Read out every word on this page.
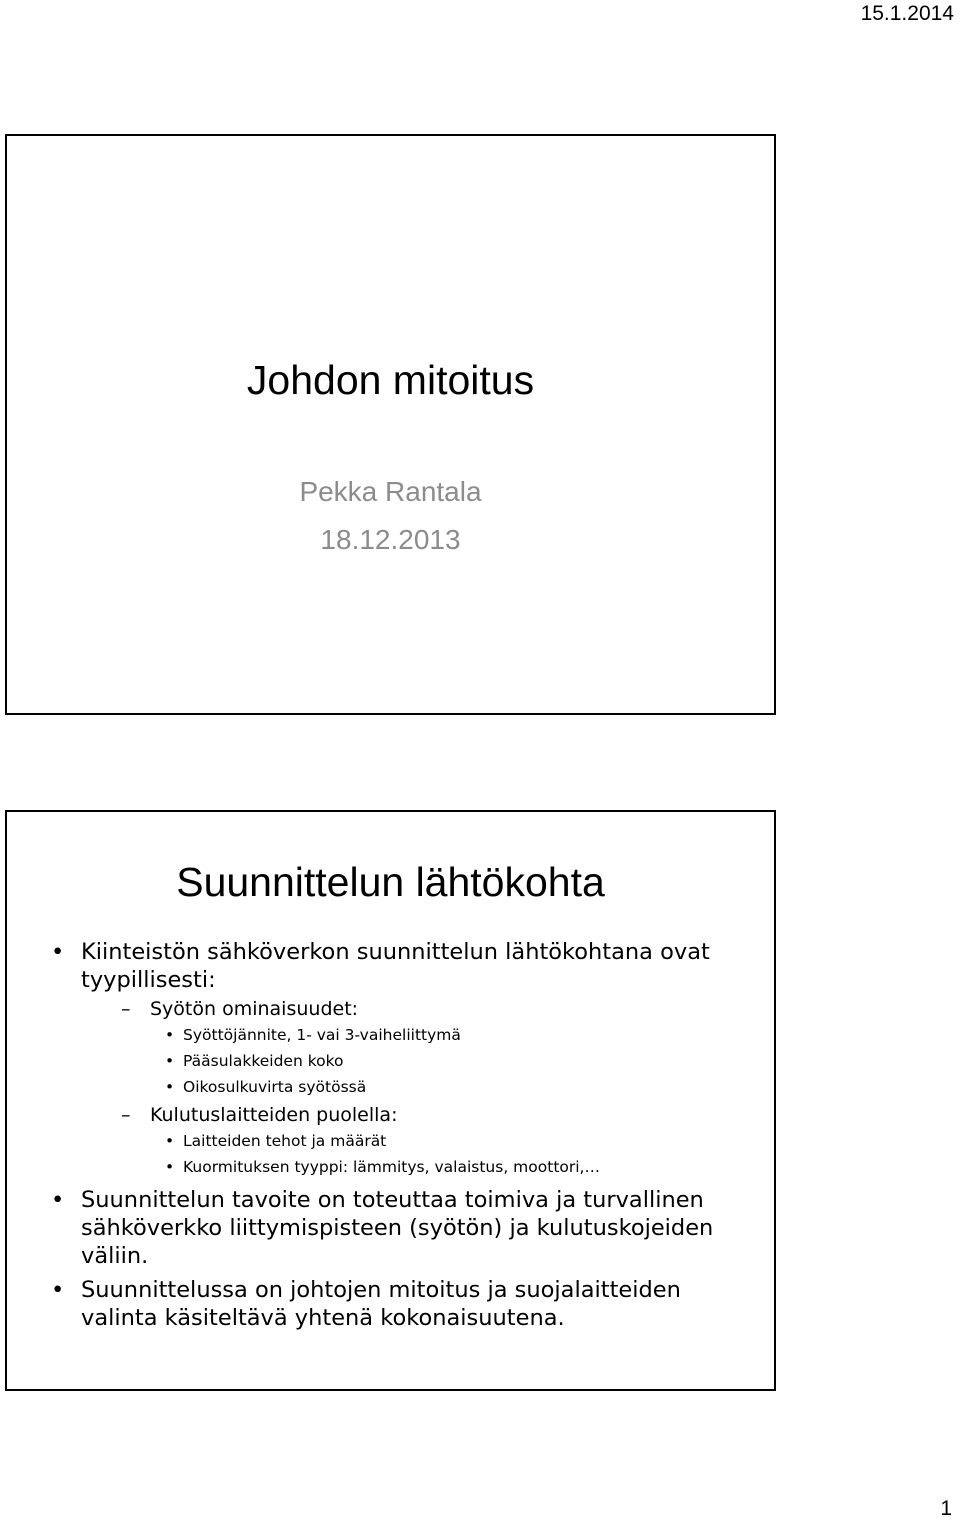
15.1.2014
Johdon mitoitus
Pekka Rantala
18.12.2013
Suunnittelun lähtökohta
• Kiinteistön sähköverkon suunnittelun lähtökohtana ovat tyypillisesti:
– Syötön ominaisuudet:
• Syöttöjännite, 1- vai 3-vaiheliittymä
• Pääsulakkeiden koko
• Oikosulkuvirta syötössä
– Kulutuslaitteiden puolella:
• Laitteiden tehot ja määrät
• Kuormituksen tyyppi: lämmitys, valaistus, moottori,…
• Suunnittelun tavoite on toteuttaa toimiva ja turvallinen sähköverkko liittymispisteen (syötön) ja kulutuskojeiden väliin.
• Suunnittelussa on johtojen mitoitus ja suojalaitteiden valinta käsiteltävä yhtenä kokonaisuutena.
1
